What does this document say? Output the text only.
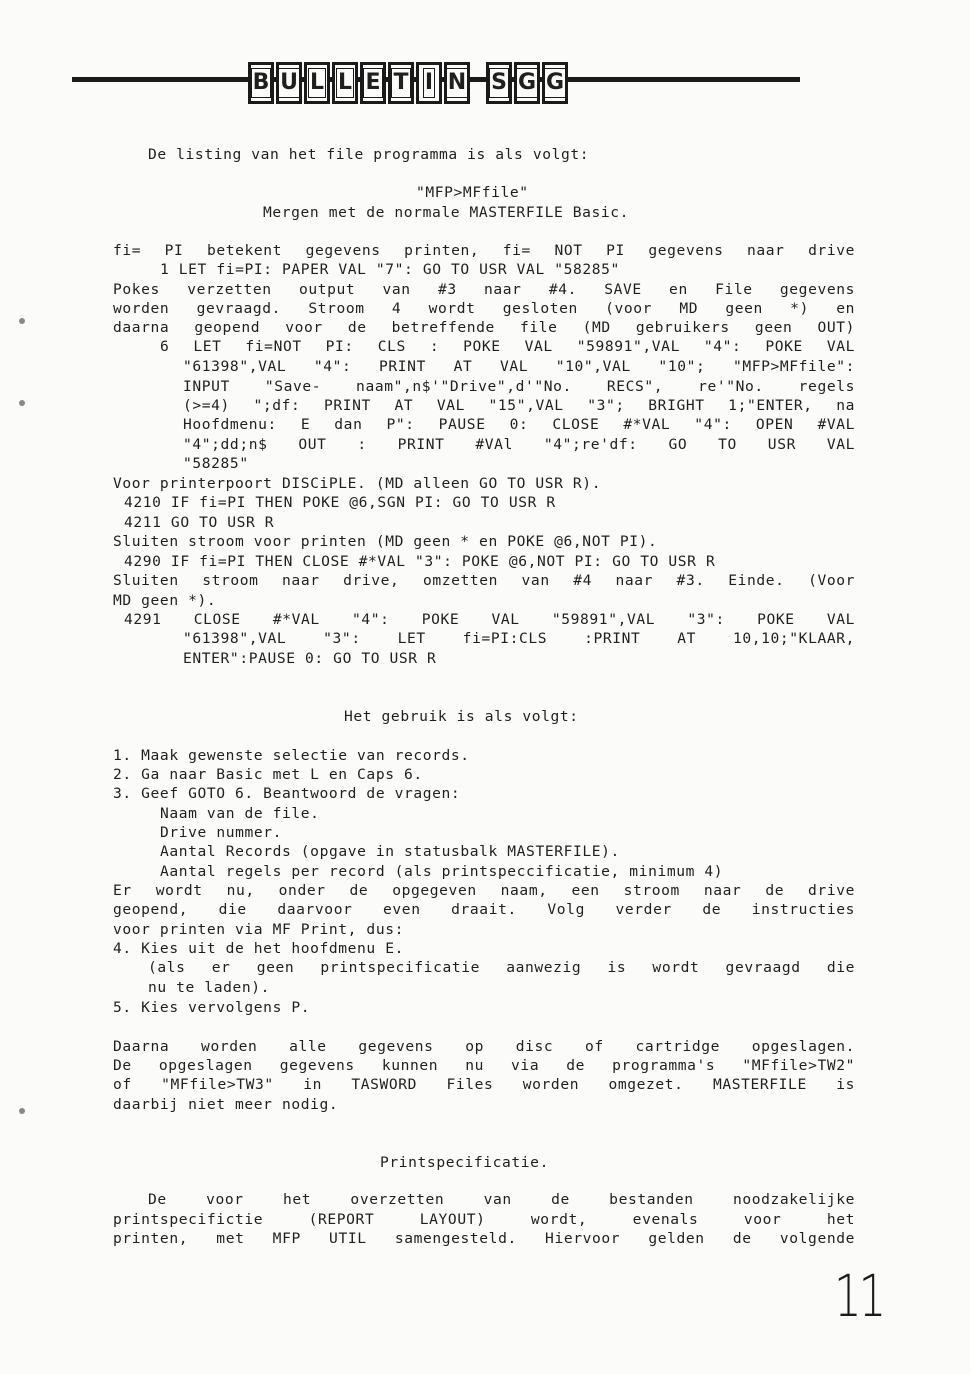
B U L L E T I N S G G
De listing van het file programma is als volgt:
"MFP>MFfile"
Mergen met de normale MASTERFILE Basic.
fi= PI betekent gegevens printen, fi= NOT PI gegevens naar drive
1 LET fi=PI: PAPER VAL "7": GO TO USR VAL "58285"
Pokes verzetten output van #3 naar #4. SAVE en File gegevens
worden gevraagd. Stroom 4 wordt gesloten (voor MD geen *) en
daarna geopend voor de betreffende file (MD gebruikers geen OUT)
6 LET fi=NOT PI: CLS : POKE VAL "59891",VAL "4": POKE VAL
"61398",VAL "4": PRINT AT VAL "10",VAL "10"; "MFP>MFfile":
INPUT "Save- naam",n$'"Drive",d'"No. RECS", re'"No. regels
(>=4) ";df: PRINT AT VAL "15",VAL "3"; BRIGHT 1;"ENTER, na
Hoofdmenu: E dan P": PAUSE 0: CLOSE #*VAL "4": OPEN #VAL
"4";dd;n$ OUT : PRINT #VAl "4";re'df: GO TO USR VAL
"58285"
Voor printerpoort DISCiPLE. (MD alleen GO TO USR R).
4210 IF fi=PI THEN POKE @6,SGN PI: GO TO USR R
4211 GO TO USR R
Sluiten stroom voor printen (MD geen * en POKE @6,NOT PI).
4290 IF fi=PI THEN CLOSE #*VAL "3": POKE @6,NOT PI: GO TO USR R
Sluiten stroom naar drive, omzetten van #4 naar #3. Einde. (Voor
MD geen *).
4291 CLOSE #*VAL "4": POKE VAL "59891",VAL "3": POKE VAL
"61398",VAL "3": LET fi=PI:CLS :PRINT AT 10,10;"KLAAR,
ENTER":PAUSE 0: GO TO USR R
Het gebruik is als volgt:
1. Maak gewenste selectie van records.
2. Ga naar Basic met L en Caps 6.
3. Geef GOTO 6. Beantwoord de vragen:
Naam van de file.
Drive nummer.
Aantal Records (opgave in statusbalk MASTERFILE).
Aantal regels per record (als printspeccificatie, minimum 4)
Er wordt nu, onder de opgegeven naam, een stroom naar de drive
geopend, die daarvoor even draait. Volg verder de instructies
voor printen via MF Print, dus:
4. Kies uit de het hoofdmenu E.
(als er geen printspecificatie aanwezig is wordt gevraagd die
nu te laden).
5. Kies vervolgens P.
Daarna worden alle gegevens op disc of cartridge opgeslagen.
De opgeslagen gegevens kunnen nu via de programma's "MFfile>TW2"
of "MFfile>TW3" in TASWORD Files worden omgezet. MASTERFILE is
daarbij niet meer nodig.
Printspecificatie.
De voor het overzetten van de bestanden noodzakelijke
printspecifictie (REPORT LAYOUT) wordt, evenals voor het
printen, met MFP UTIL samengesteld. Hiervoor gelden de volgende
11
